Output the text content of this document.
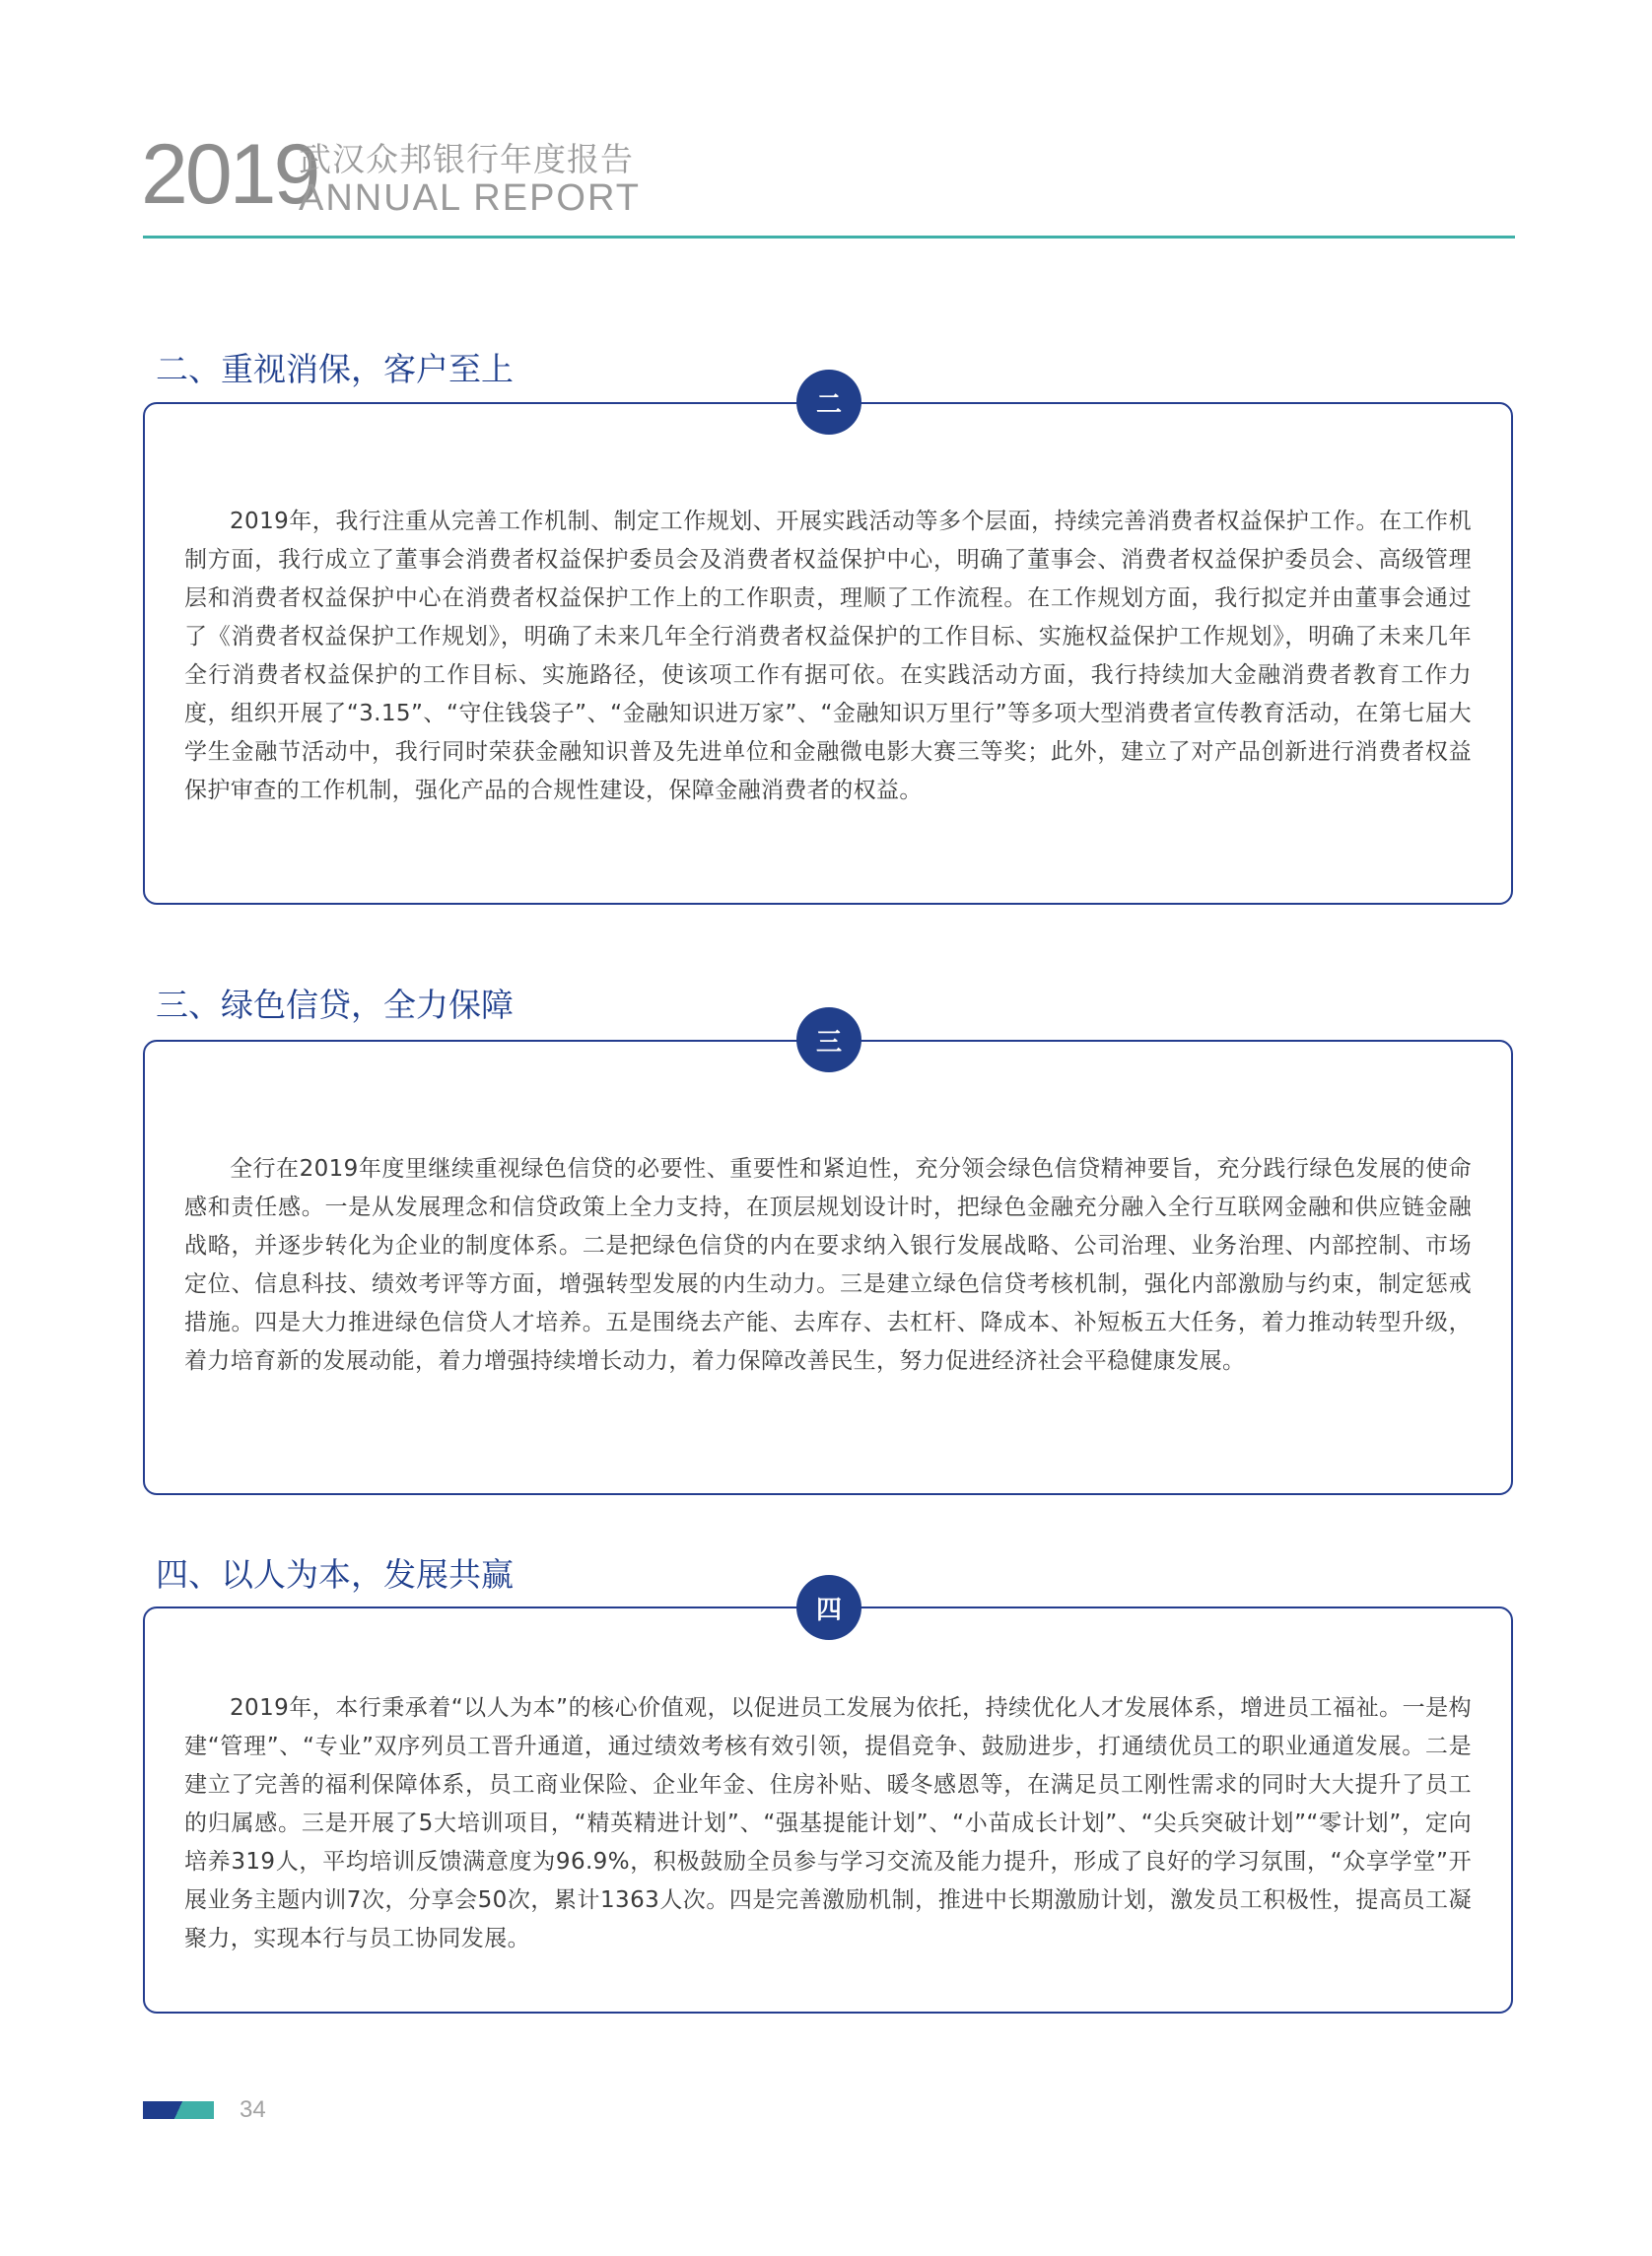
2019
武汉众邦银行年度报告
ANNUAL REPORT
二、重视消保，客户至上
二

2019年，我行注重从完善工作机制、制定工作规划、开展实践活动等多个层面，持续完善消费者权益保护工作。在工作机制方面，我行成立了董事会消费者权益保护委员会及消费者权益保护中心，明确了董事会、消费者权益保护委员会、高级管理层和消费者权益保护中心在消费者权益保护工作上的工作职责，理顺了工作流程。在工作规划方面，我行拟定并由董事会通过了《消费者权益保护工作规划》，明确了未来几年全行消费者权益保护的工作目标、实施权益保护工作规划》，明确了未来几年全行消费者权益保护的工作目标、实施路径，使该项工作有据可依。在实践活动方面，我行持续加大金融消费者教育工作力度，组织开展了“3.15”、“守住钱袋子”、“金融知识进万家”、“金融知识万里行”等多项大型消费者宣传教育活动，在第七届大学生金融节活动中，我行同时荣获金融知识普及先进单位和金融微电影大赛三等奖；此外，建立了对产品创新进行消费者权益保护审查的工作机制，强化产品的合规性建设，保障金融消费者的权益。

三、绿色信贷，全力保障
三

全行在2019年度里继续重视绿色信贷的必要性、重要性和紧迫性，充分领会绿色信贷精神要旨，充分践行绿色发展的使命感和责任感。一是从发展理念和信贷政策上全力支持，在顶层规划设计时，把绿色金融充分融入全行互联网金融和供应链金融战略，并逐步转化为企业的制度体系。二是把绿色信贷的内在要求纳入银行发展战略、公司治理、业务治理、内部控制、市场定位、信息科技、绩效考评等方面，增强转型发展的内生动力。三是建立绿色信贷考核机制，强化内部激励与约束，制定惩戒措施。四是大力推进绿色信贷人才培养。五是围绕去产能、去库存、去杠杆、降成本、补短板五大任务，着力推动转型升级，着力培育新的发展动能，着力增强持续增长动力，着力保障改善民生，努力促进经济社会平稳健康发展。

四、以人为本，发展共赢
四

2019年，本行秉承着“以人为本”的核心价值观，以促进员工发展为依托，持续优化人才发展体系，增进员工福祉。一是构建“管理”、“专业”双序列员工晋升通道，通过绩效考核有效引领，提倡竞争、鼓励进步，打通绩优员工的职业通道发展。二是建立了完善的福利保障体系，员工商业保险、企业年金、住房补贴、暖冬感恩等，在满足员工刚性需求的同时大大提升了员工的归属感。三是开展了5大培训项目，“精英精进计划”、“强基提能计划”、“小苗成长计划”、“尖兵突破计划”“零计划”，定向培养319人，平均培训反馈满意度为96.9%，积极鼓励全员参与学习交流及能力提升，形成了良好的学习氛围，“众享学堂”开展业务主题内训7次，分享会50次，累计1363人次。四是完善激励机制，推进中长期激励计划，激发员工积极性，提高员工凝聚力，实现本行与员工协同发展。

34
